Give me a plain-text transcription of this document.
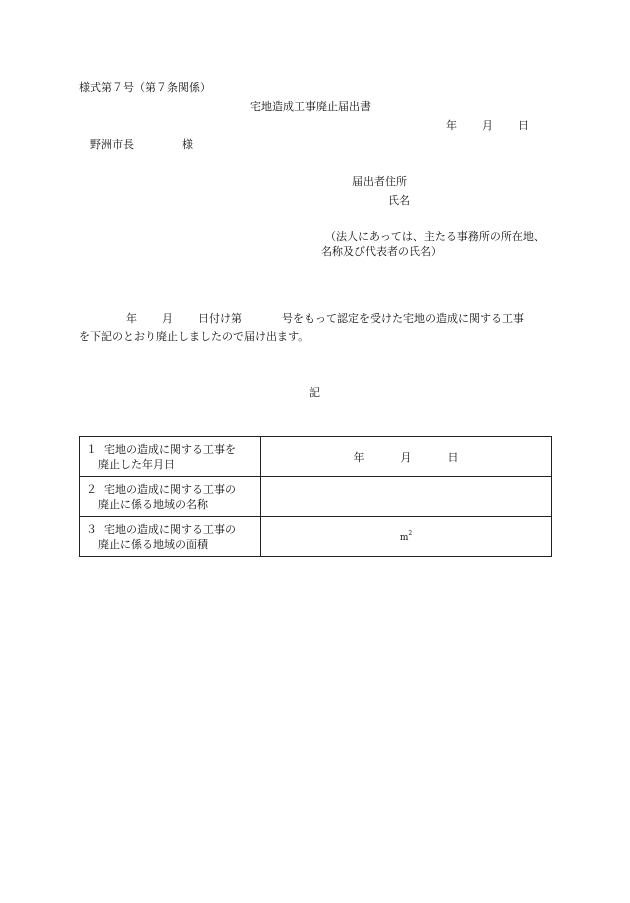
様式第７号（第７条関係）
宅地造成工事廃止届出書
年 月 日
野洲市長	様
届出者住所
氏名
（法人にあっては、主たる事務所の所在地、
名称及び代表者の氏名）
年 月 日付け第	号をもって認定を受けた宅地の造成に関する工事
を下記のとおり廃止しましたので届け出ます。
記
１ 宅地の造成に関する工事を
廃止した年月日	年 月 日

２ 宅地の造成に関する工事の
廃止に係る地域の名称	

３ 宅地の造成に関する工事の
廃止に係る地域の面積	$m^2$
